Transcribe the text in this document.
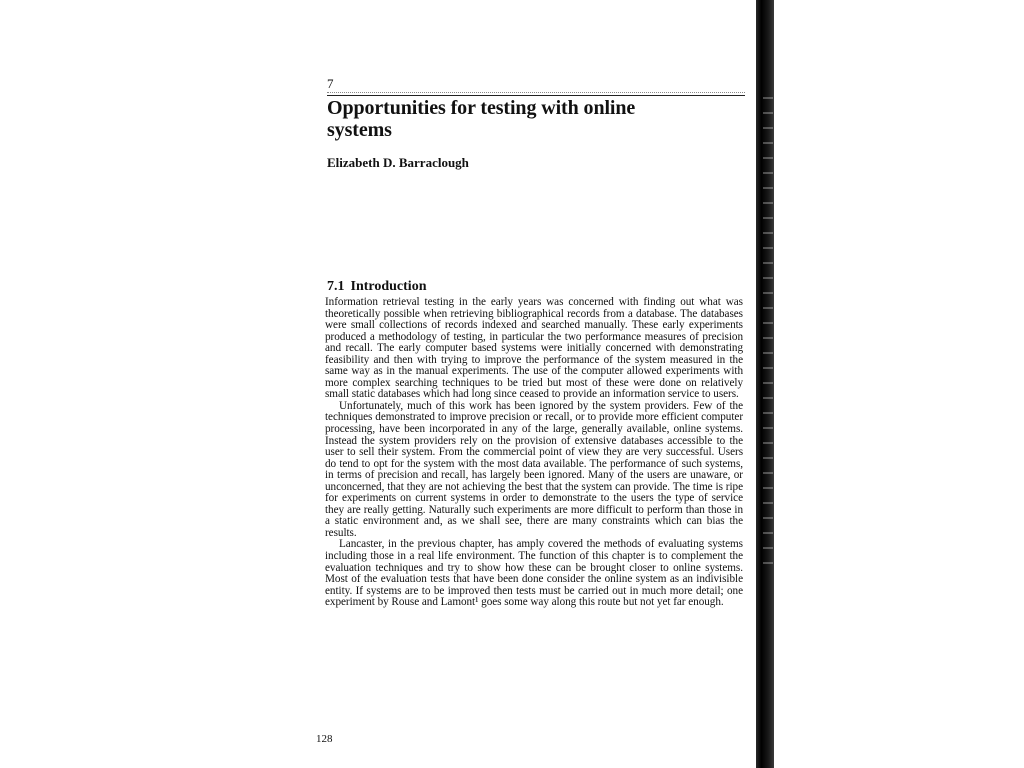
7
Opportunities for testing with online
systems

Elizabeth D. Barraclough

7.1 Introduction

Information retrieval testing in the early years was concerned with finding out what was theoretically possible when retrieving bibliographical records from a database. The databases were small collections of records indexed and searched manually. These early experiments produced a methodology of testing, in particular the two performance measures of precision and recall. The early computer based systems were initially concerned with demonstrating feasibility and then with trying to improve the performance of the system measured in the same way as in the manual experiments. The use of the computer allowed experiments with more complex searching techniques to be tried but most of these were done on relatively small static databases which had long since ceased to provide an information service to users.

Unfortunately, much of this work has been ignored by the system providers. Few of the techniques demonstrated to improve precision or recall, or to provide more efficient computer processing, have been incorporated in any of the large, generally available, online systems. Instead the system providers rely on the provision of extensive databases accessible to the user to sell their system. From the commercial point of view they are very successful. Users do tend to opt for the system with the most data available. The performance of such systems, in terms of precision and recall, has largely been ignored. Many of the users are unaware, or unconcerned, that they are not achieving the best that the system can provide. The time is ripe for experiments on current systems in order to demonstrate to the users the type of service they are really getting. Naturally such experiments are more difficult to perform than those in a static environment and, as we shall see, there are many constraints which can bias the results.

Lancaster, in the previous chapter, has amply covered the methods of evaluating systems including those in a real life environment. The function of this chapter is to complement the evaluation techniques and try to show how these can be brought closer to online systems. Most of the evaluation tests that have been done consider the online system as an indivisible entity. If systems are to be improved then tests must be carried out in much more detail; one experiment by Rouse and Lamont¹ goes some way along this route but not yet far enough.

128
